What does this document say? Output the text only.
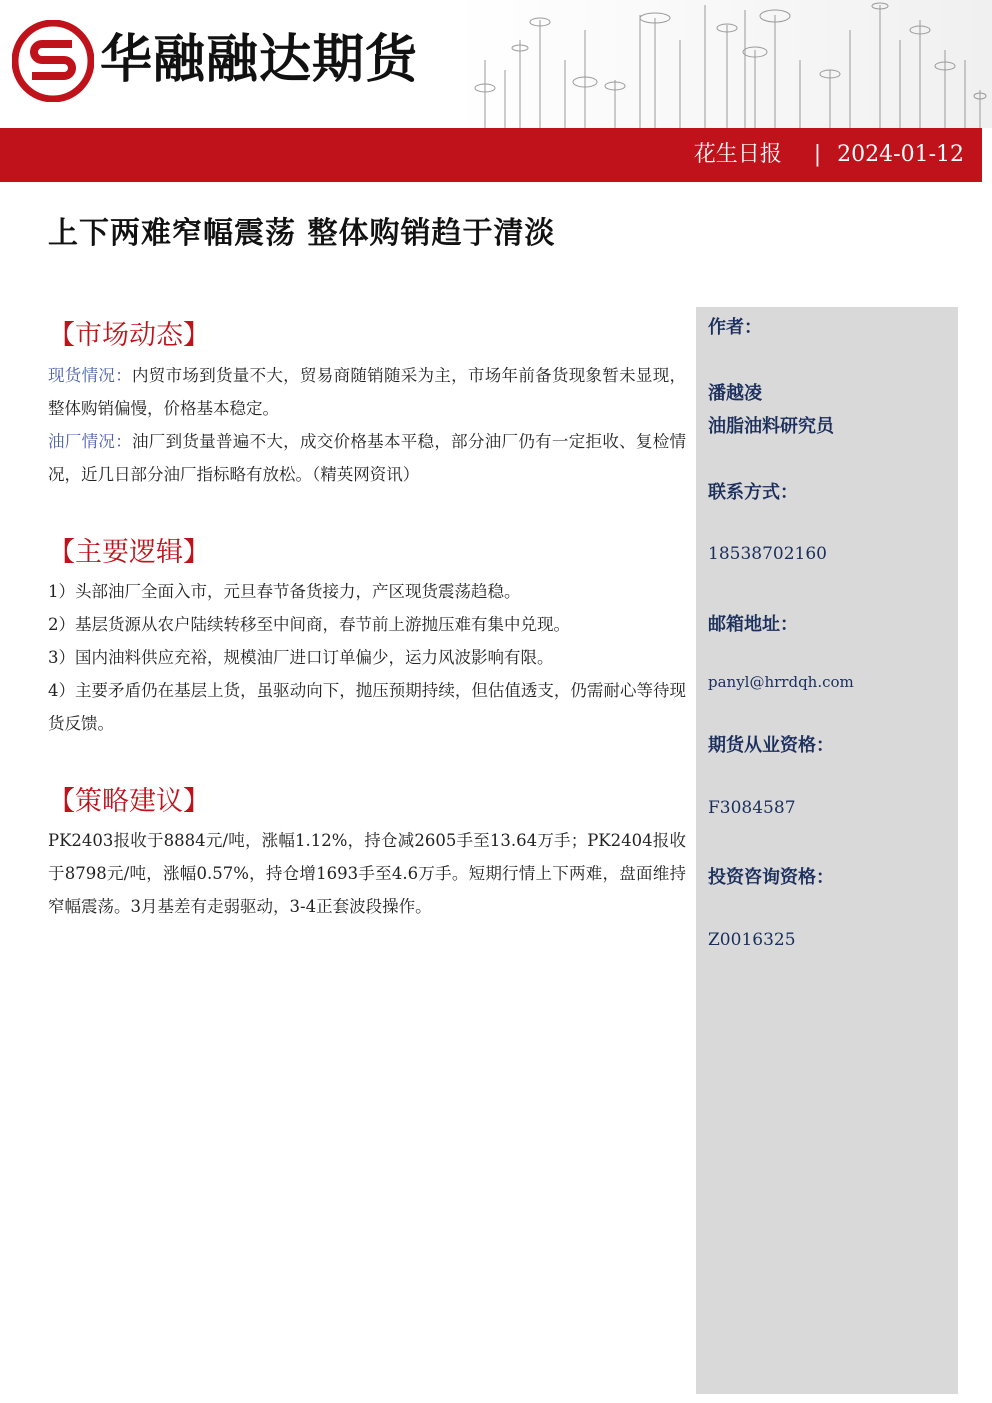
华融融达期货
花生日报 | 2024-01-12
上下两难窄幅震荡 整体购销趋于清淡
【市场动态】
现货情况：内贸市场到货量不大，贸易商随销随采为主，市场年前备货现象暂未显现，整体购销偏慢，价格基本稳定。
油厂情况：油厂到货量普遍不大，成交价格基本平稳，部分油厂仍有一定拒收、复检情况，近几日部分油厂指标略有放松。（精英网资讯）
【主要逻辑】
1）头部油厂全面入市，元旦春节备货接力，产区现货震荡趋稳。
2）基层货源从农户陆续转移至中间商，春节前上游抛压难有集中兑现。
3）国内油料供应充裕，规模油厂进口订单偏少，运力风波影响有限。
4）主要矛盾仍在基层上货，虽驱动向下，抛压预期持续，但估值透支，仍需耐心等待现货反馈。
【策略建议】
PK2403报收于8884元/吨，涨幅1.12%，持仓减2605手至13.64万手；PK2404报收于8798元/吨，涨幅0.57%，持仓增1693手至4.6万手。短期行情上下两难，盘面维持窄幅震荡。3月基差有走弱驱动，3-4正套波段操作。
作者：
潘越凌
油脂油料研究员
联系方式：
18538702160
邮箱地址：
panyl@hrrdqh.com
期货从业资格：
F3084587
投资咨询资格：
Z0016325
